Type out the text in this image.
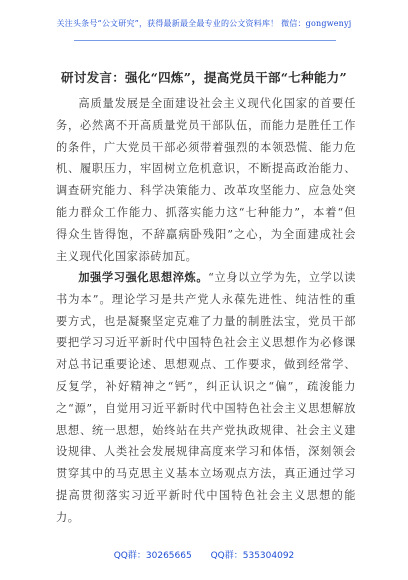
关注头条号“公文研究”，获得最新最全最专业的公文资料库！ 微信：gongwenyj
研讨发言：强化“四炼”，提高党员干部“七种能力”
高质量发展是全面建设社会主义现代化国家的首要任务，必然离不开高质量党员干部队伍，而能力是胜任工作的条件，广大党员干部必须带着强烈的本领恐慌、能力危机、履职压力，牢固树立危机意识，不断提高政治能力、调查研究能力、科学决策能力、改革攻坚能力、应急处突能力群众工作能力、抓落实能力这“七种能力”，本着“但得众生皆得饱，不辞羸病卧残阳”之心，为全面建成社会主义现代化国家添砖加瓦。
加强学习强化思想淬炼。“立身以立学为先，立学以读书为本”。理论学习是共产党人永葆先进性、纯洁性的重要方式，也是凝聚坚定克难了力量的制胜法宝，党员干部要把学习习近平新时代中国特色社会主义思想作为必修课对总书记重要论述、思想观点、工作要求，做到经常学、反复学，补好精神之“钙”，纠正认识之“偏”，疏浚能力之“源”，自觉用习近平新时代中国特色社会主义思想解放思想、统一思想，始终站在共产党执政规律、社会主义建设规律、人类社会发展规律高度来学习和体悟，深刻领会贯穿其中的马克思主义基本立场观点方法，真正通过学习提高贯彻落实习近平新时代中国特色社会主义思想的能力。
QQ群：30265665 QQ群：535304092
